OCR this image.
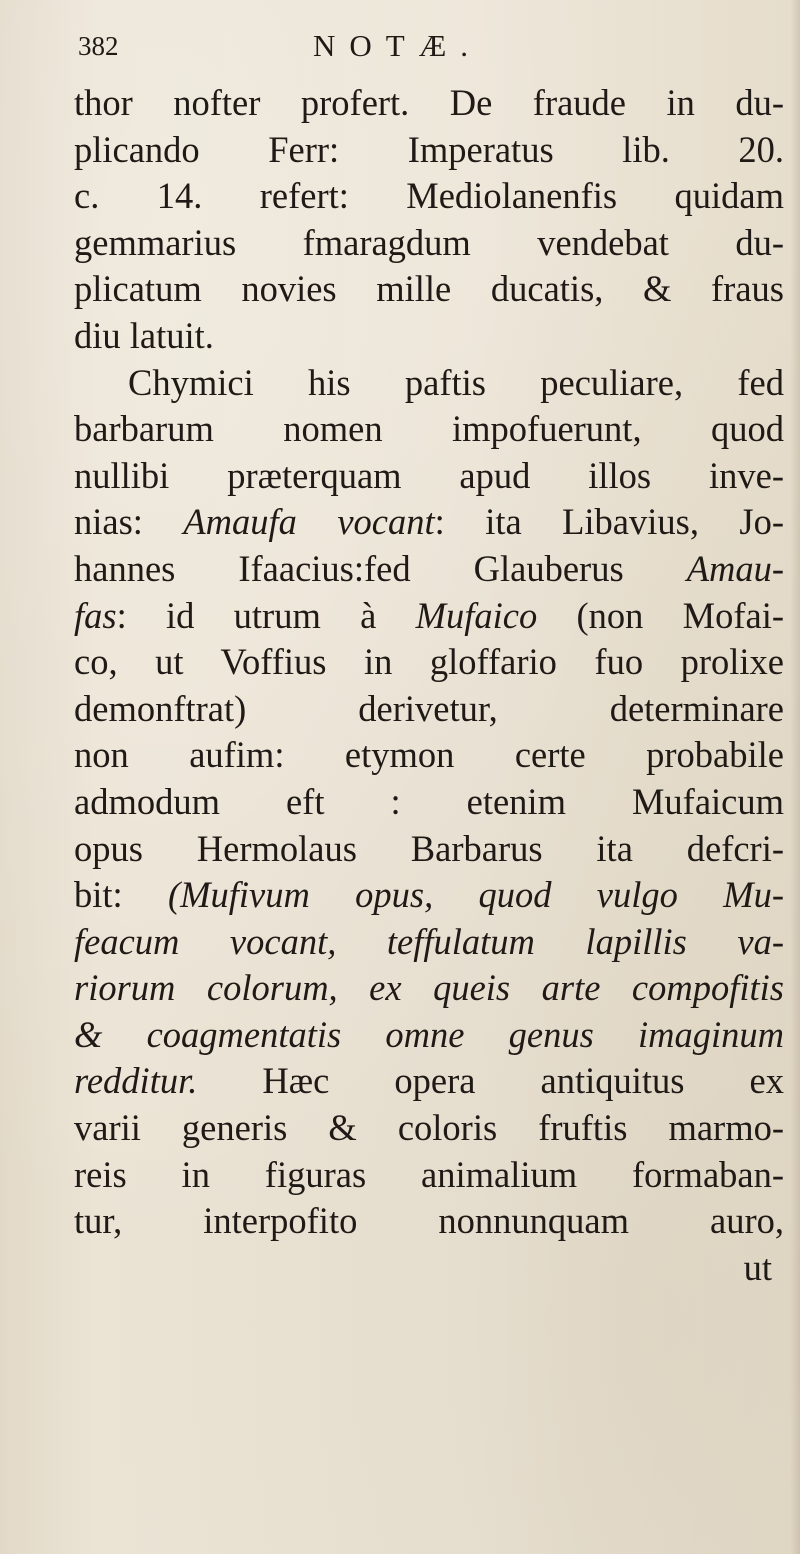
382	NOTÆ.
thor nofter profert. De fraude in du-
plicando Ferr: Imperatus lib. 20.
c. 14. refert: Mediolanenfis quidam
gemmarius fmaragdum vendebat du-
plicatum novies mille ducatis, & fraus
diu latuit.
Chymici his paftis peculiare, fed
barbarum nomen impofuerunt, quod
nullibi præterquam apud illos inve-
nias: Amaufa vocant: ita Libavius, Jo-
hannes Ifaacius:fed Glauberus Amau-
fas: id utrum à Mufaico (non Mofai-
co, ut Voffius in gloffario fuo prolixe
demonftrat) derivetur, determinare
non aufim: etymon certe probabile
admodum eft : etenim Mufaicum
opus Hermolaus Barbarus ita defcri-
bit: (Mufivum opus, quod vulgo Mu-
feacum vocant, teffulatum lapillis va-
riorum colorum, ex queis arte compofitis
& coagmentatis omne genus imaginum
redditur. Hæc opera antiquitus ex
varii generis & coloris fruftis marmo-
reis in figuras animalium formaban-
tur, interpofito nonnunquam auro,
ut
